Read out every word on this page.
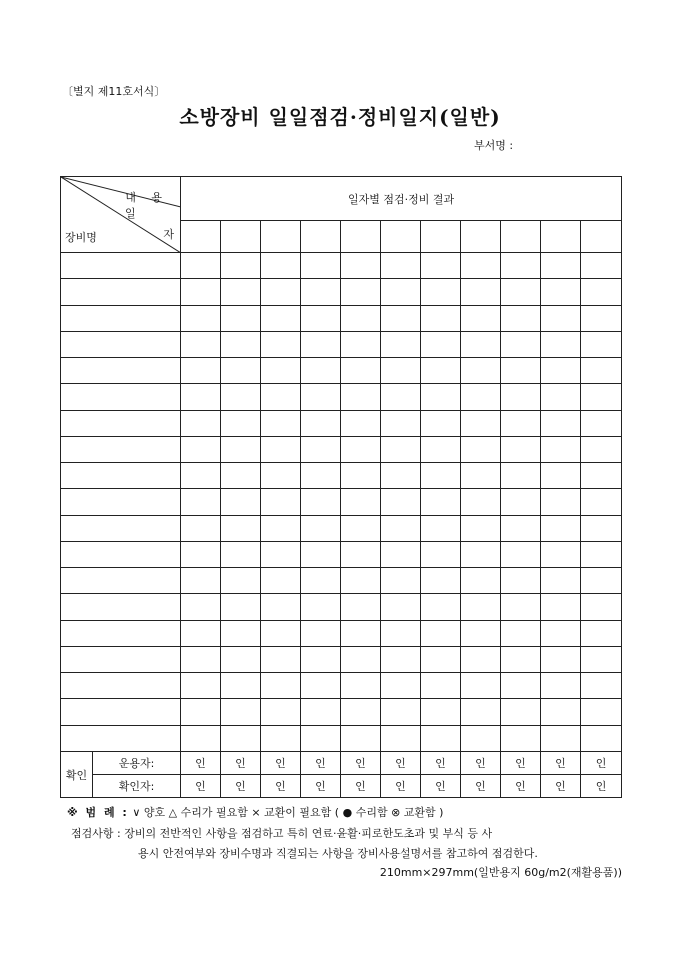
〔별지 제11호서식〕
소방장비 일일점검·정비일지(일반)
부서명 :
내 용
일
자
장비명		일자별 점검·정비 결과										

확인	운용자:	인	인	인	인	인	인	인	인	인	인	인
	확인자:	인	인	인	인	인	인	인	인	인	인	인
※ 범 례 : ∨ 양호 △ 수리가 필요함 × 교환이 필요함 ( ● 수리함 ⊗ 교환함 )
점검사항 : 장비의 전반적인 사항을 점검하고 특히 연료·윤활·피로한도초과 및 부식 등 사
용시 안전여부와 장비수명과 직결되는 사항을 장비사용설명서를 참고하여 점검한다.
210mm×297mm(일반용지 60g/m2(재활용품))
